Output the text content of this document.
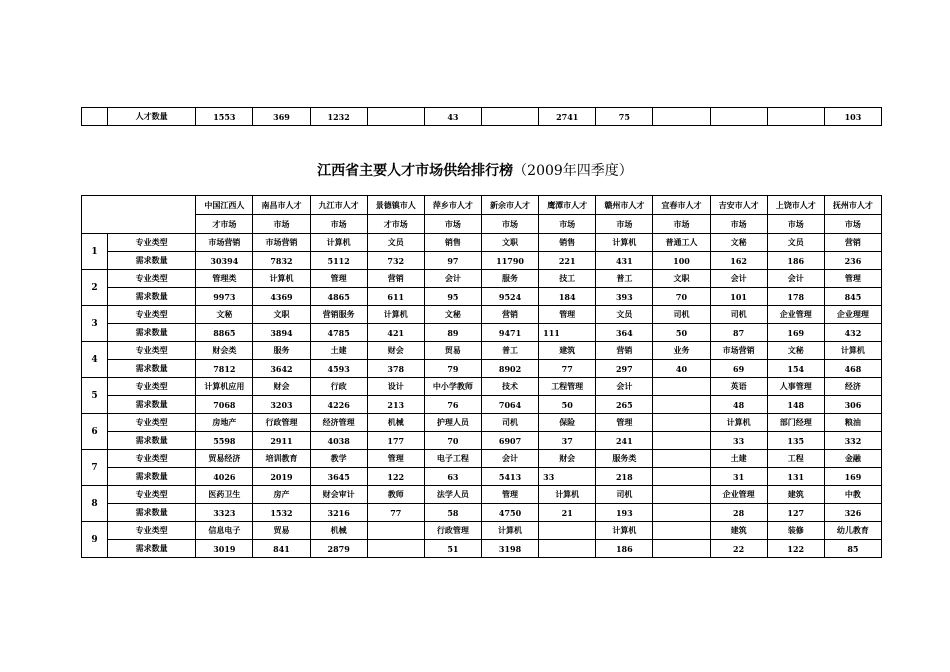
	人才数量	1553	369	1232		43		2741	75				103
江西省主要人才市场供给排行榜（2009年四季度）
		中国江西人	南昌市人才	九江市人才	景德镇市人	萍乡市人才	新余市人才	鹰潭市人才	赣州市人才	宜春市人才	吉安市人才	上饶市人才	抚州市人才
		才市场	市场	市场	才市场	市场	市场	市场	市场	市场	市场	市场	市场
1	专业类型	市场营销	市场营销	计算机	文员	销售	文职	销售	计算机	普通工人	文秘	文员	营销
	需求数量	30394	7832	5112	732	97	11790	221	431	100	162	186	236
2	专业类型	管理类	计算机	管理	营销	会计	服务	技工	普工	文职	会计	会计	管理
	需求数量	9973	4369	4865	611	95	9524	184	393	70	101	178	845
3	专业类型	文秘	文职	营销服务	计算机	文秘	营销	管理	文员	司机	司机	企业管理	企业理理
	需求数量	8865	3894	4785	421	89	9471	111	364	50	87	169	432
4	专业类型	财会类	服务	土建	财会	贸易	普工	建筑	营销	业务	市场营销	文秘	计算机
	需求数量	7812	3642	4593	378	79	8902	77	297	40	69	154	468
5	专业类型	计算机应用	财会	行政	设计	中小学教师	技术	工程管理	会计		英语	人事管理	经济
	需求数量	7068	3203	4226	213	76	7064	50	265		48	148	306
6	专业类型	房地产	行政管理	经济管理	机械	护理人员	司机	保险	管理		计算机	部门经理	粮油
	需求数量	5598	2911	4038	177	70	6907	37	241		33	135	332
7	专业类型	贸易经济	培训教育	教学	管理	电子工程	会计	财会	服务类		土建	工程	金融
	需求数量	4026	2019	3645	122	63	5413	33	218		31	131	169
8	专业类型	医药卫生	房产	财会审计	教师	法学人员	管理	计算机	司机		企业管理	建筑	中教
	需求数量	3323	1532	3216	77	58	4750	21	193		28	127	326
9	专业类型	信息电子	贸易	机械		行政管理	计算机		计算机		建筑	装修	幼儿教育
	需求数量	3019	841	2879		51	3198		186		22	122	85
